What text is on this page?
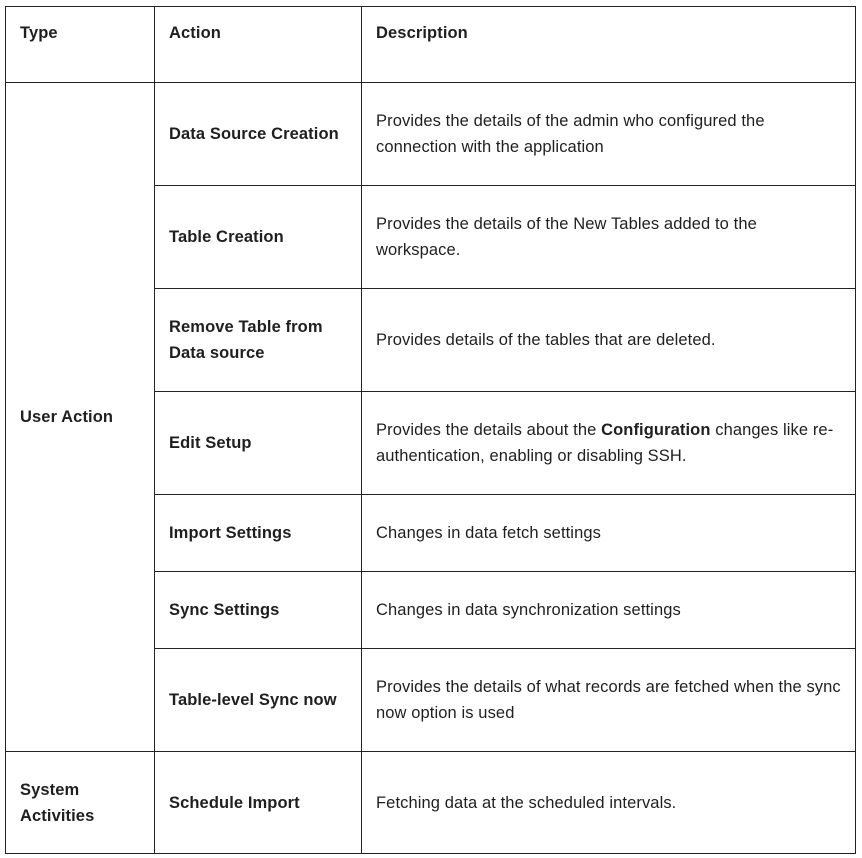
Type	Action	Description
User Action	Data Source Creation	Provides the details of the admin who configured the connection with the application
	Table Creation	Provides the details of the New Tables added to the workspace.
	Remove Table from Data source	Provides details of the tables that are deleted.
	Edit Setup	Provides the details about the Configuration changes like re-authentication, enabling or disabling SSH.
	Import Settings	Changes in data fetch settings
	Sync Settings	Changes in data synchronization settings
	Table-level Sync now	Provides the details of what records are fetched when the sync now option is used
System Activities	Schedule Import	Fetching data at the scheduled intervals.
